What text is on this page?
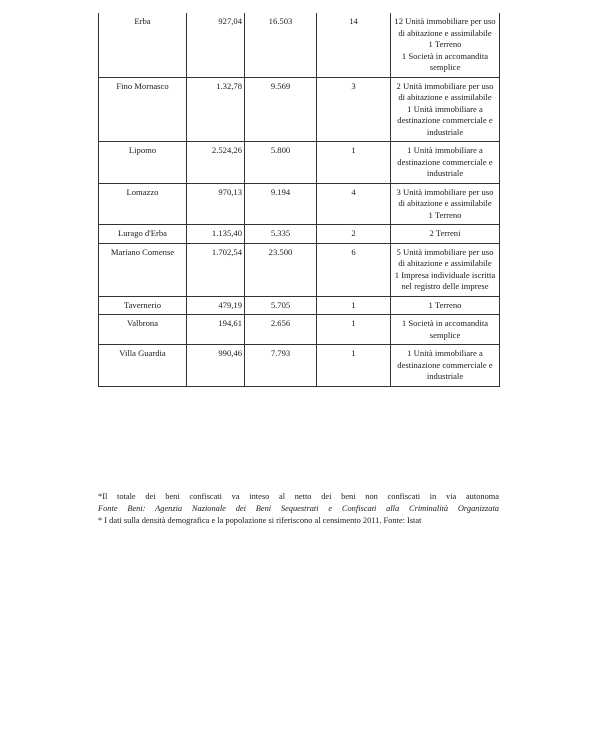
Erba	927,04	16.503	14	12 Unità immobiliare per uso di abitazione e assimilabile
1 Terreno
1 Società in accomandita semplice

Fino Mornasco	1.32,78	9.569	3	2 Unità immobiliare per uso di abitazione e assimilabile
1 Unità immobiliare a destinazione commerciale e industriale

Lipomo	2.524,26	5.800	1	1 Unità immobiliare a destinazione commerciale e industriale

Lomazzo	970,13	9.194	4	3 Unità immobiliare per uso di abitazione e assimilabile
1 Terreno

Lurago d'Erba	1.135,40	5.335	2	2 Terreni

Mariano Comense	1.702,54	23.500	6	5 Unità immobiliare per uso di abitazione e assimilabile
1 Impresa individuale iscritta nel registro delle imprese

Tavernerio	479,19	5.705	1	1 Terreno

Valbrona	194,61	2.656	1	1 Società in accomandita semplice

Villa Guardia	990,46	7.793	1	1 Unità immobiliare a destinazione commerciale e industriale

*Il totale dei beni confiscati va inteso al netto dei beni non confiscati in via autonoma

Fonte Beni: Agenzia Nazionale dei Beni Sequestrati e Confiscati alla Criminalità Organizzata

* I dati sulla densità demografica e la popolazione si riferiscono al censimento 2011. Fonte: Istat
